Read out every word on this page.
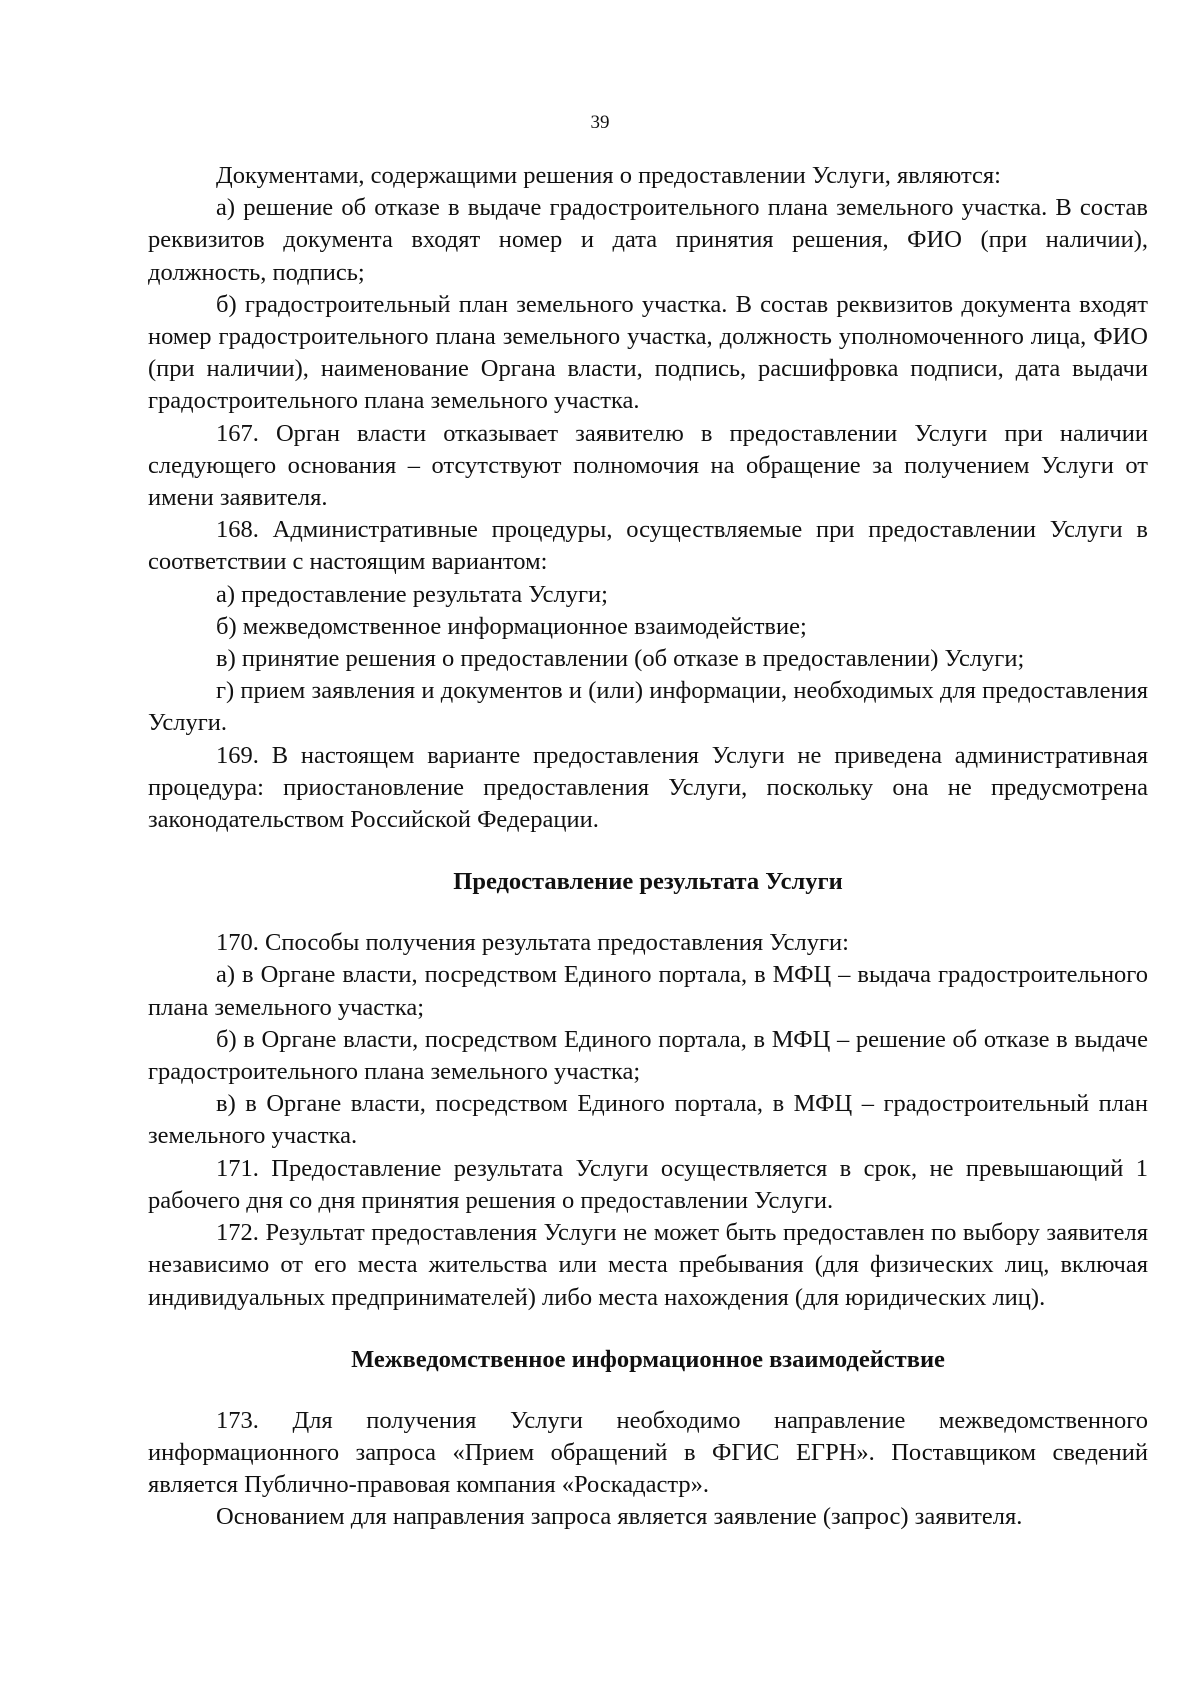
39

Документами, содержащими решения о предоставлении Услуги, являются:

а) решение об отказе в выдаче градостроительного плана земельного участка. В состав реквизитов документа входят номер и дата принятия решения, ФИО (при наличии), должность, подпись;

б) градостроительный план земельного участка. В состав реквизитов документа входят номер градостроительного плана земельного участка, должность уполномоченного лица, ФИО (при наличии), наименование Органа власти, подпись, расшифровка подписи, дата выдачи градостроительного плана земельного участка.

167. Орган власти отказывает заявителю в предоставлении Услуги при наличии следующего основания – отсутствуют полномочия на обращение за получением Услуги от имени заявителя.

168. Административные процедуры, осуществляемые при предоставлении Услуги в соответствии с настоящим вариантом:

а) предоставление результата Услуги;

б) межведомственное информационное взаимодействие;

в) принятие решения о предоставлении (об отказе в предоставлении) Услуги;

г) прием заявления и документов и (или) информации, необходимых для предоставления Услуги.

169. В настоящем варианте предоставления Услуги не приведена административная процедура: приостановление предоставления Услуги, поскольку она не предусмотрена законодательством Российской Федерации.

Предоставление результата Услуги

170. Способы получения результата предоставления Услуги:

а) в Органе власти, посредством Единого портала, в МФЦ – выдача градостроительного плана земельного участка;

б) в Органе власти, посредством Единого портала, в МФЦ – решение об отказе в выдаче градостроительного плана земельного участка;

в) в Органе власти, посредством Единого портала, в МФЦ – градостроительный план земельного участка.

171. Предоставление результата Услуги осуществляется в срок, не превышающий 1 рабочего дня со дня принятия решения о предоставлении Услуги.

172. Результат предоставления Услуги не может быть предоставлен по выбору заявителя независимо от его места жительства или места пребывания (для физических лиц, включая индивидуальных предпринимателей) либо места нахождения (для юридических лиц).

Межведомственное информационное взаимодействие

173. Для получения Услуги необходимо направление межведомственного информационного запроса «Прием обращений в ФГИС ЕГРН». Поставщиком сведений является Публично-правовая компания «Роскадастр».

Основанием для направления запроса является заявление (запрос) заявителя.
